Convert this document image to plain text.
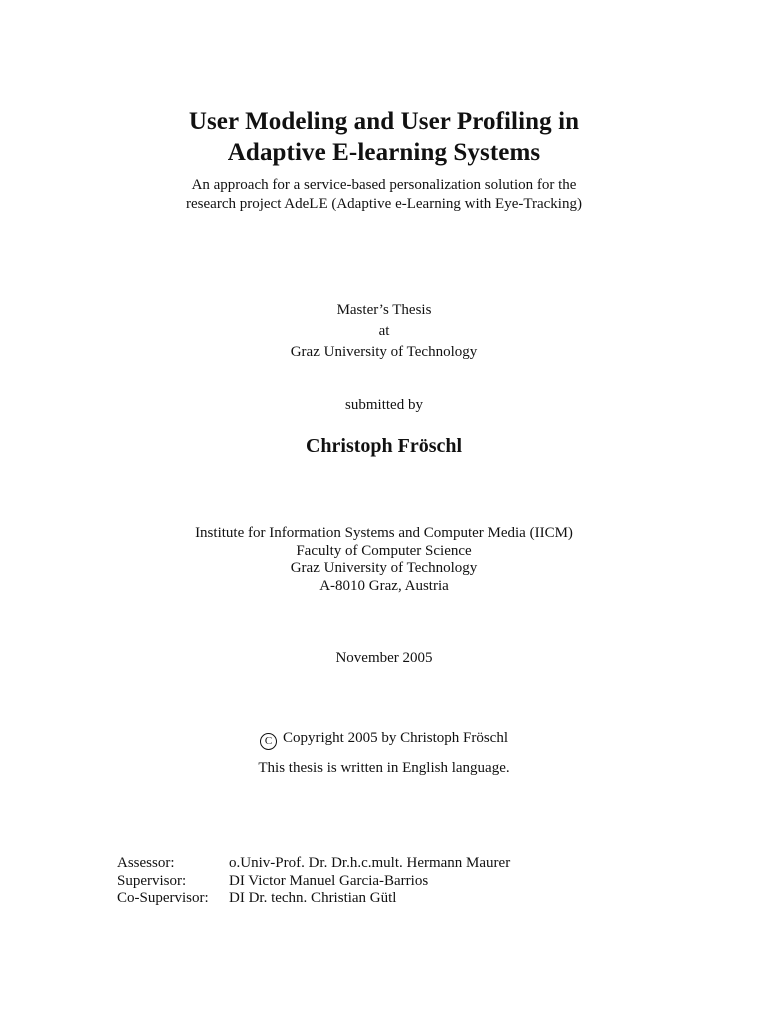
User Modeling and User Profiling in
Adaptive E-learning Systems
An approach for a service-based personalization solution for the
research project AdeLE (Adaptive e-Learning with Eye-Tracking)
Master’s Thesis
at
Graz University of Technology
submitted by
Christoph Fröschl
Institute for Information Systems and Computer Media (IICM)
Faculty of Computer Science
Graz University of Technology
A-8010 Graz, Austria
November 2005
C Copyright 2005 by Christoph Fröschl
This thesis is written in English language.
Assessor:	o.Univ-Prof. Dr. Dr.h.c.mult. Hermann Maurer
Supervisor:	DI Victor Manuel Garcia-Barrios
Co-Supervisor:	DI Dr. techn. Christian Gütl
